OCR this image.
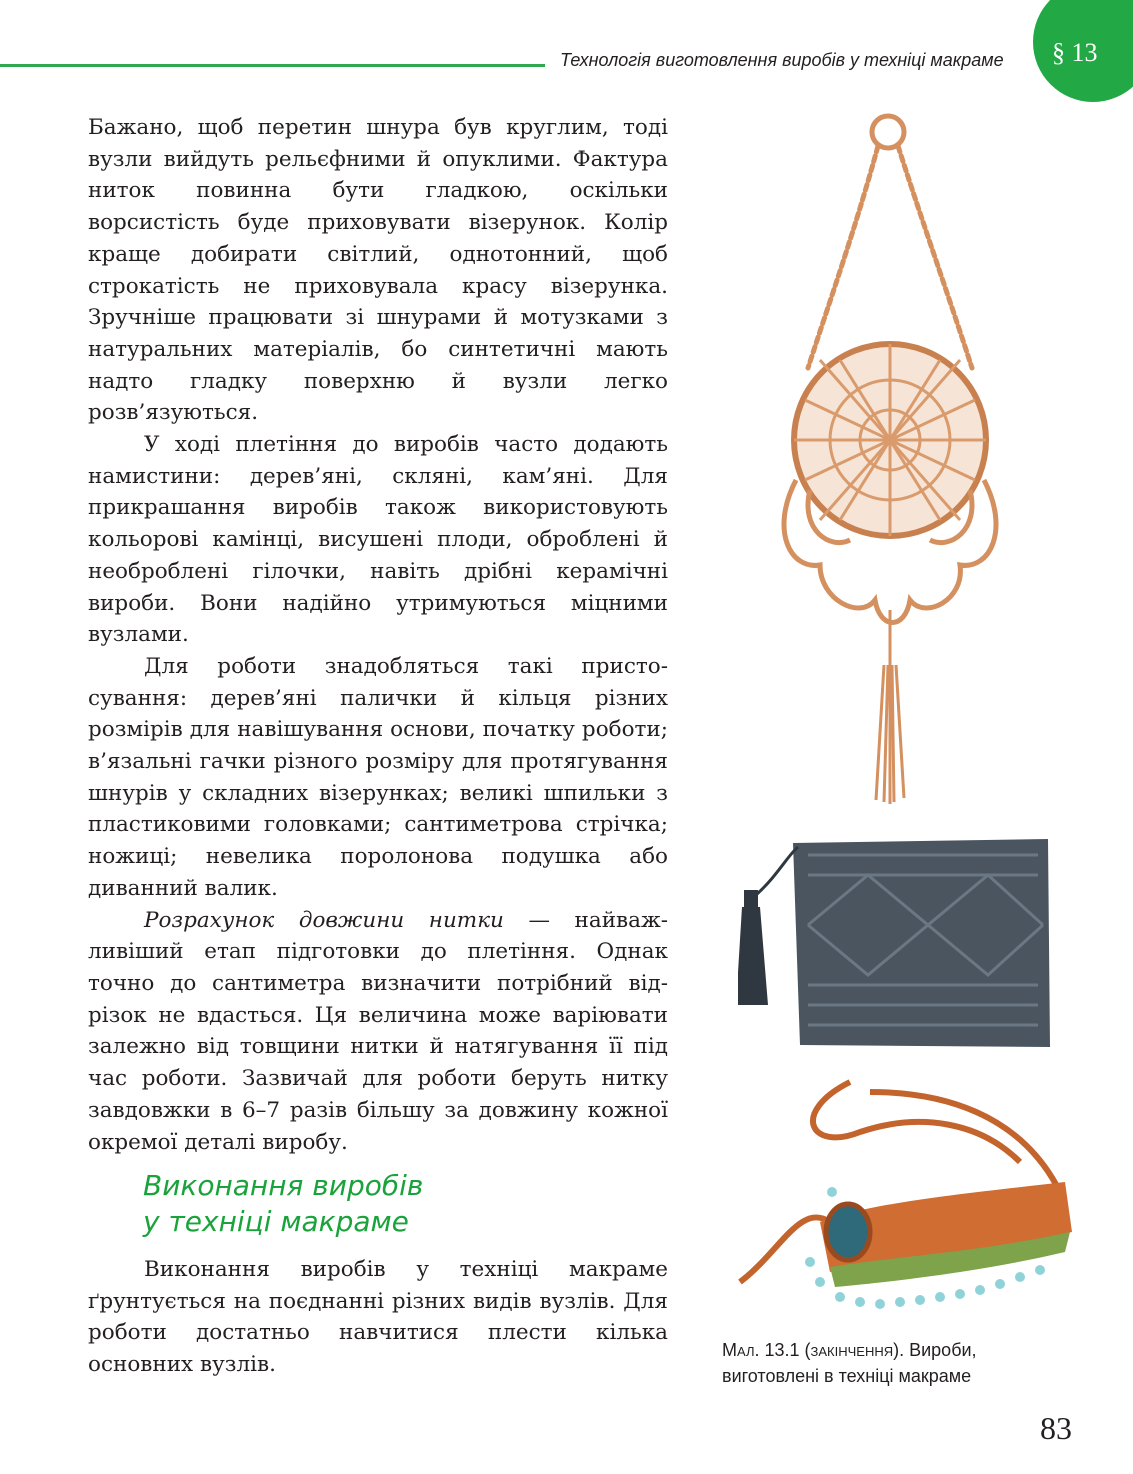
Технологія виготовлення виробів у техніці макраме	§ 13

Бажано, щоб перетин шнура був круглим, тоді вузли вийдуть рельєфними й опуклими. Фактура ниток повинна бути гладкою, оскільки ворсистість буде приховувати візерунок. Колір краще добирати світлий, однотонний, щоб строкатість не приховувала красу візерунка. Зручніше працювати зі шнурами й мотузками з натуральних матеріалів, бо синтетичні мають надто гладку поверхню й вузли легко розв’язуються.

У ході плетіння до виробів часто додають намистини: дерев’яні, скляні, кам’яні. Для прикрашання виробів також використовують кольорові камінці, висушені плоди, оброблені й необроблені гілочки, навіть дрібні керамічні вироби. Вони надійно утримуються міцними вузлами.

Для роботи знадобляться такі пристосування: дерев’яні палички й кільця різних розмірів для навішування основи, початку роботи; в’язальні гачки різного розміру для протягування шнурів у складних візерунках; великі шпильки з пластиковими головками; сантиметрова стрічка; ножиці; невелика поролонова подушка або диванний валик.

Розрахунок довжини нитки — найважливіший етап підготовки до плетіння. Однак точно до сантиметра визначити потрібний відрізок не вдасться. Ця величина може варіювати залежно від товщини нитки й натягування її під час роботи. Зазвичай для роботи беруть нитку завдовжки в 6–7 разів більшу за довжину кожної окремої деталі виробу.

Виконання виробів
у техніці макраме

Виконання виробів у техніці макраме ґрунтується на поєднанні різних видів вузлів. Для роботи достатньо навчитися плести кілька основних вузлів.

Мал. 13.1 (закінчення). Вироби, виготовлені в техніці макраме
83
